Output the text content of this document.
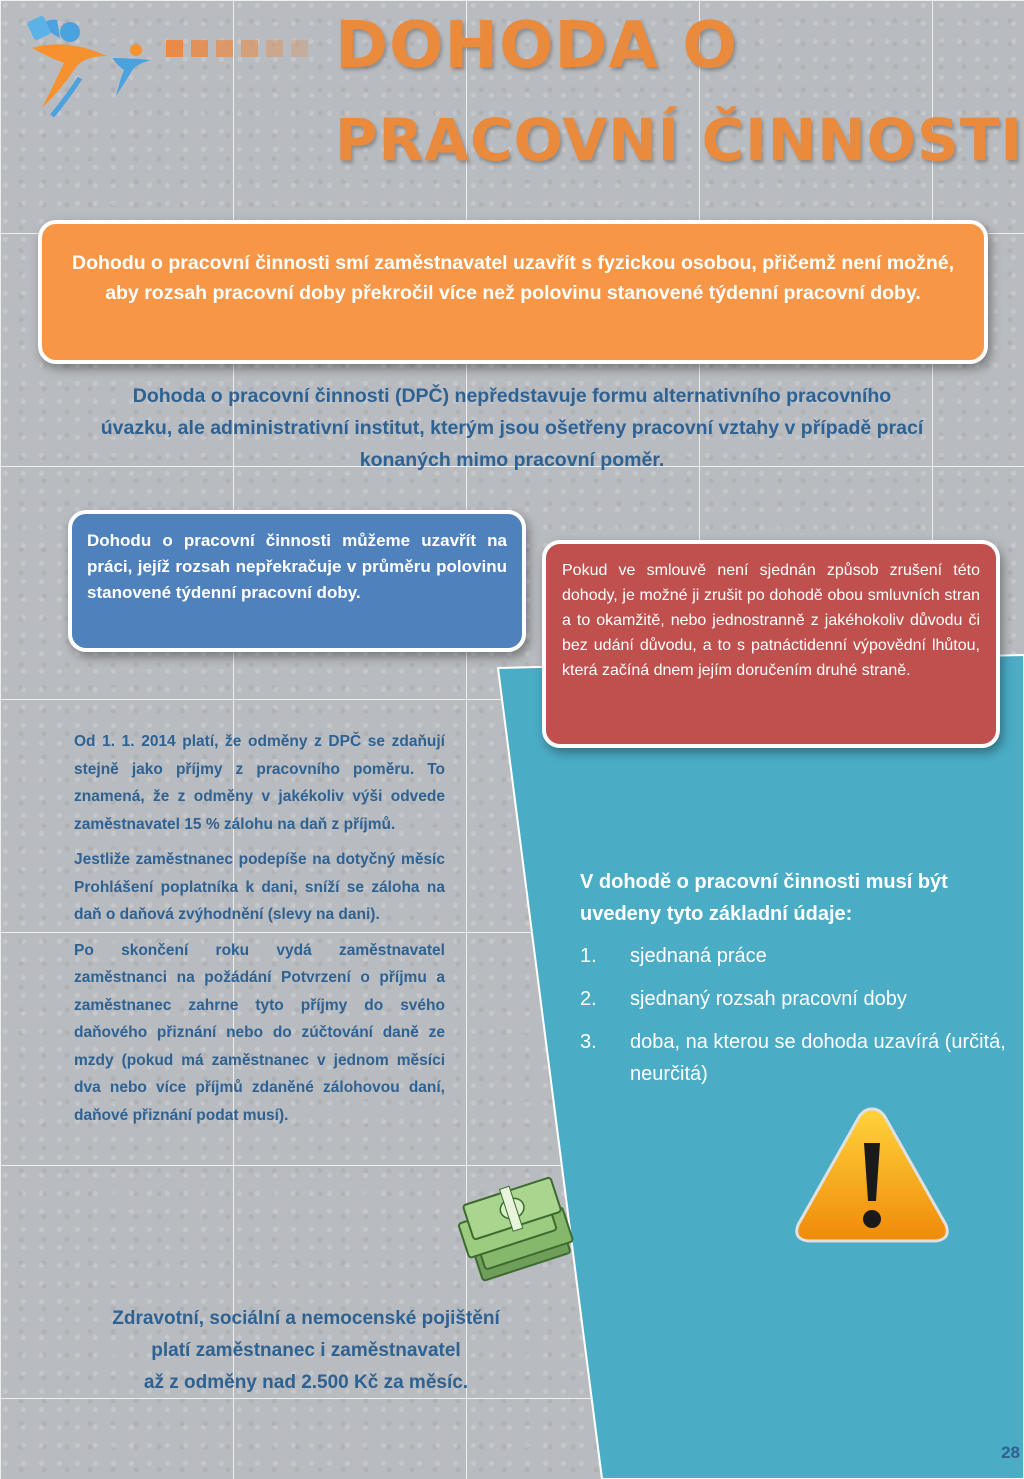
DOHODA O
PRACOVNÍ ČINNOSTI
Dohodu o pracovní činnosti smí zaměstnavatel uzavřít s fyzickou osobou, přičemž není možné, aby rozsah pracovní doby překročil více než polovinu stanovené týdenní pracovní doby.

Dohoda o pracovní činnosti (DPČ) nepředstavuje formu alternativního pracovního úvazku, ale administrativní institut, kterým jsou ošetřeny pracovní vztahy v případě prací konaných mimo pracovní poměr.

Dohodu o pracovní činnosti můžeme uzavřít na práci, jejíž rozsah nepřekračuje v průměru polovinu stanovené týdenní pracovní doby.
Pokud ve smlouvě není sjednán způsob zrušení této dohody, je možné ji zrušit po dohodě obou smluvních stran a to okamžitě, nebo jednostranně z jakéhokoliv důvodu či bez udání důvodu, a to s patnáctidenní výpovědní lhůtou, která začíná dnem jejím doručením druhé straně.

Od 1. 1. 2014 platí, že odměny z DPČ se zdaňují stejně jako příjmy z pracovního poměru. To znamená, že z odměny v jakékoliv výši odvede zaměstnavatel 15 % zálohu na daň z příjmů.

Jestliže zaměstnanec podepíše na dotyčný měsíc Prohlášení poplatníka k dani, sníží se záloha na daň o daňová zvýhodnění (slevy na dani).

Po skončení roku vydá zaměstnavatel zaměstnanci na požádání Potvrzení o příjmu a zaměstnanec zahrne tyto příjmy do svého daňového přiznání nebo do zúčtování daně ze mzdy (pokud má zaměstnanec v jednom měsíci dva nebo více příjmů zdaněné zálohovou daní, daňové přiznání podat musí).

Zdravotní, sociální a nemocenské pojištění
platí zaměstnanec i zaměstnavatel
až z odměny nad 2.500 Kč za měsíc.

V dohodě o pracovní činnosti musí být uvedeny tyto základní údaje:

1.	sjednaná práce
2.	sjednaný rozsah pracovní doby
3.	doba, na kterou se dohoda uzavírá (určitá, neurčitá)

28
